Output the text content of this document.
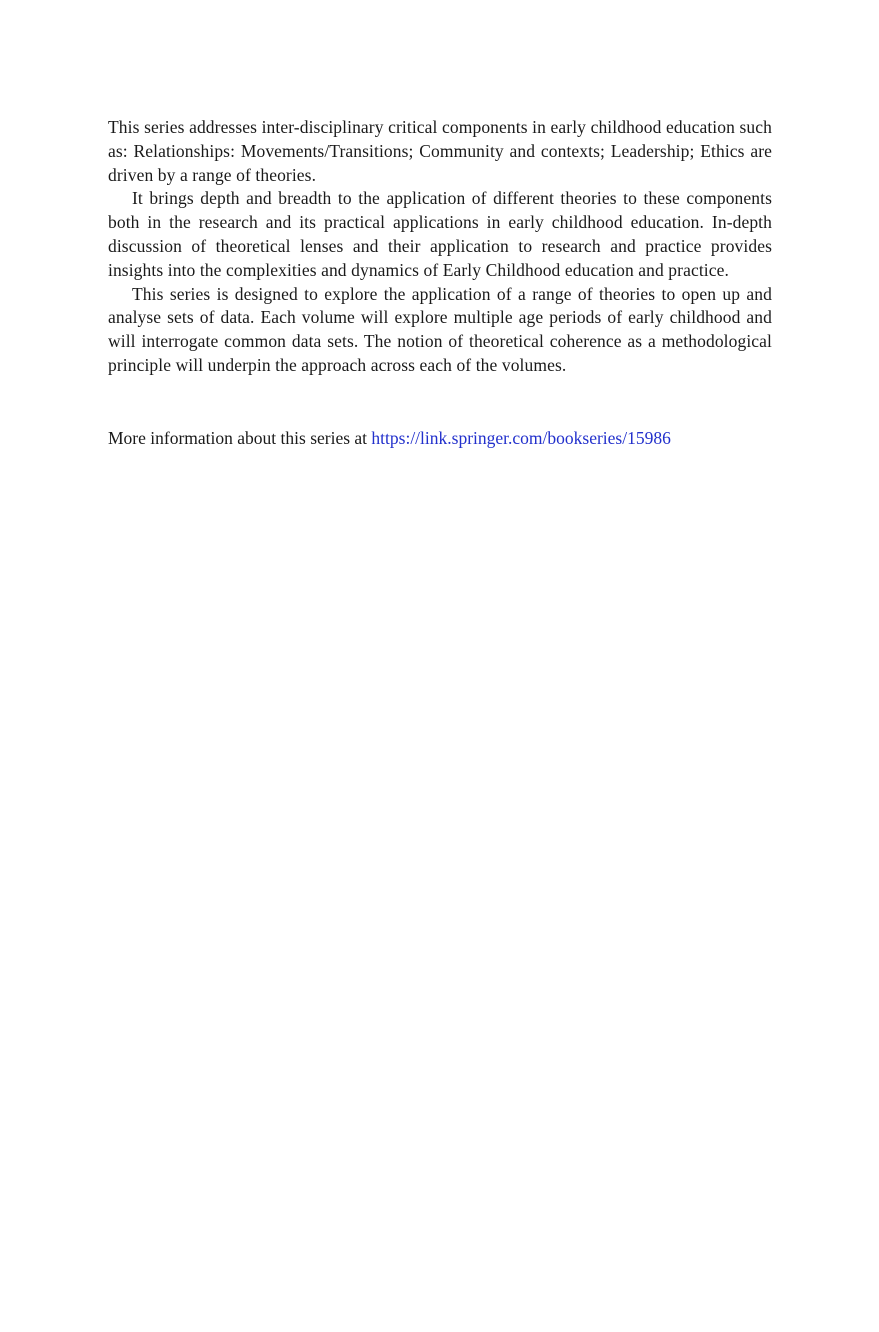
This series addresses inter-disciplinary critical components in early childhood education such as: Relationships: Movements/Transitions; Community and contexts; Leadership; Ethics are driven by a range of theories.

It brings depth and breadth to the application of different theories to these components both in the research and its practical applications in early childhood education. In-depth discussion of theoretical lenses and their application to research and practice provides insights into the complexities and dynamics of Early Childhood education and practice.

This series is designed to explore the application of a range of theories to open up and analyse sets of data. Each volume will explore multiple age periods of early childhood and will interrogate common data sets. The notion of theoretical coherence as a methodological principle will underpin the approach across each of the volumes.

More information about this series at https://link.springer.com/bookseries/15986
